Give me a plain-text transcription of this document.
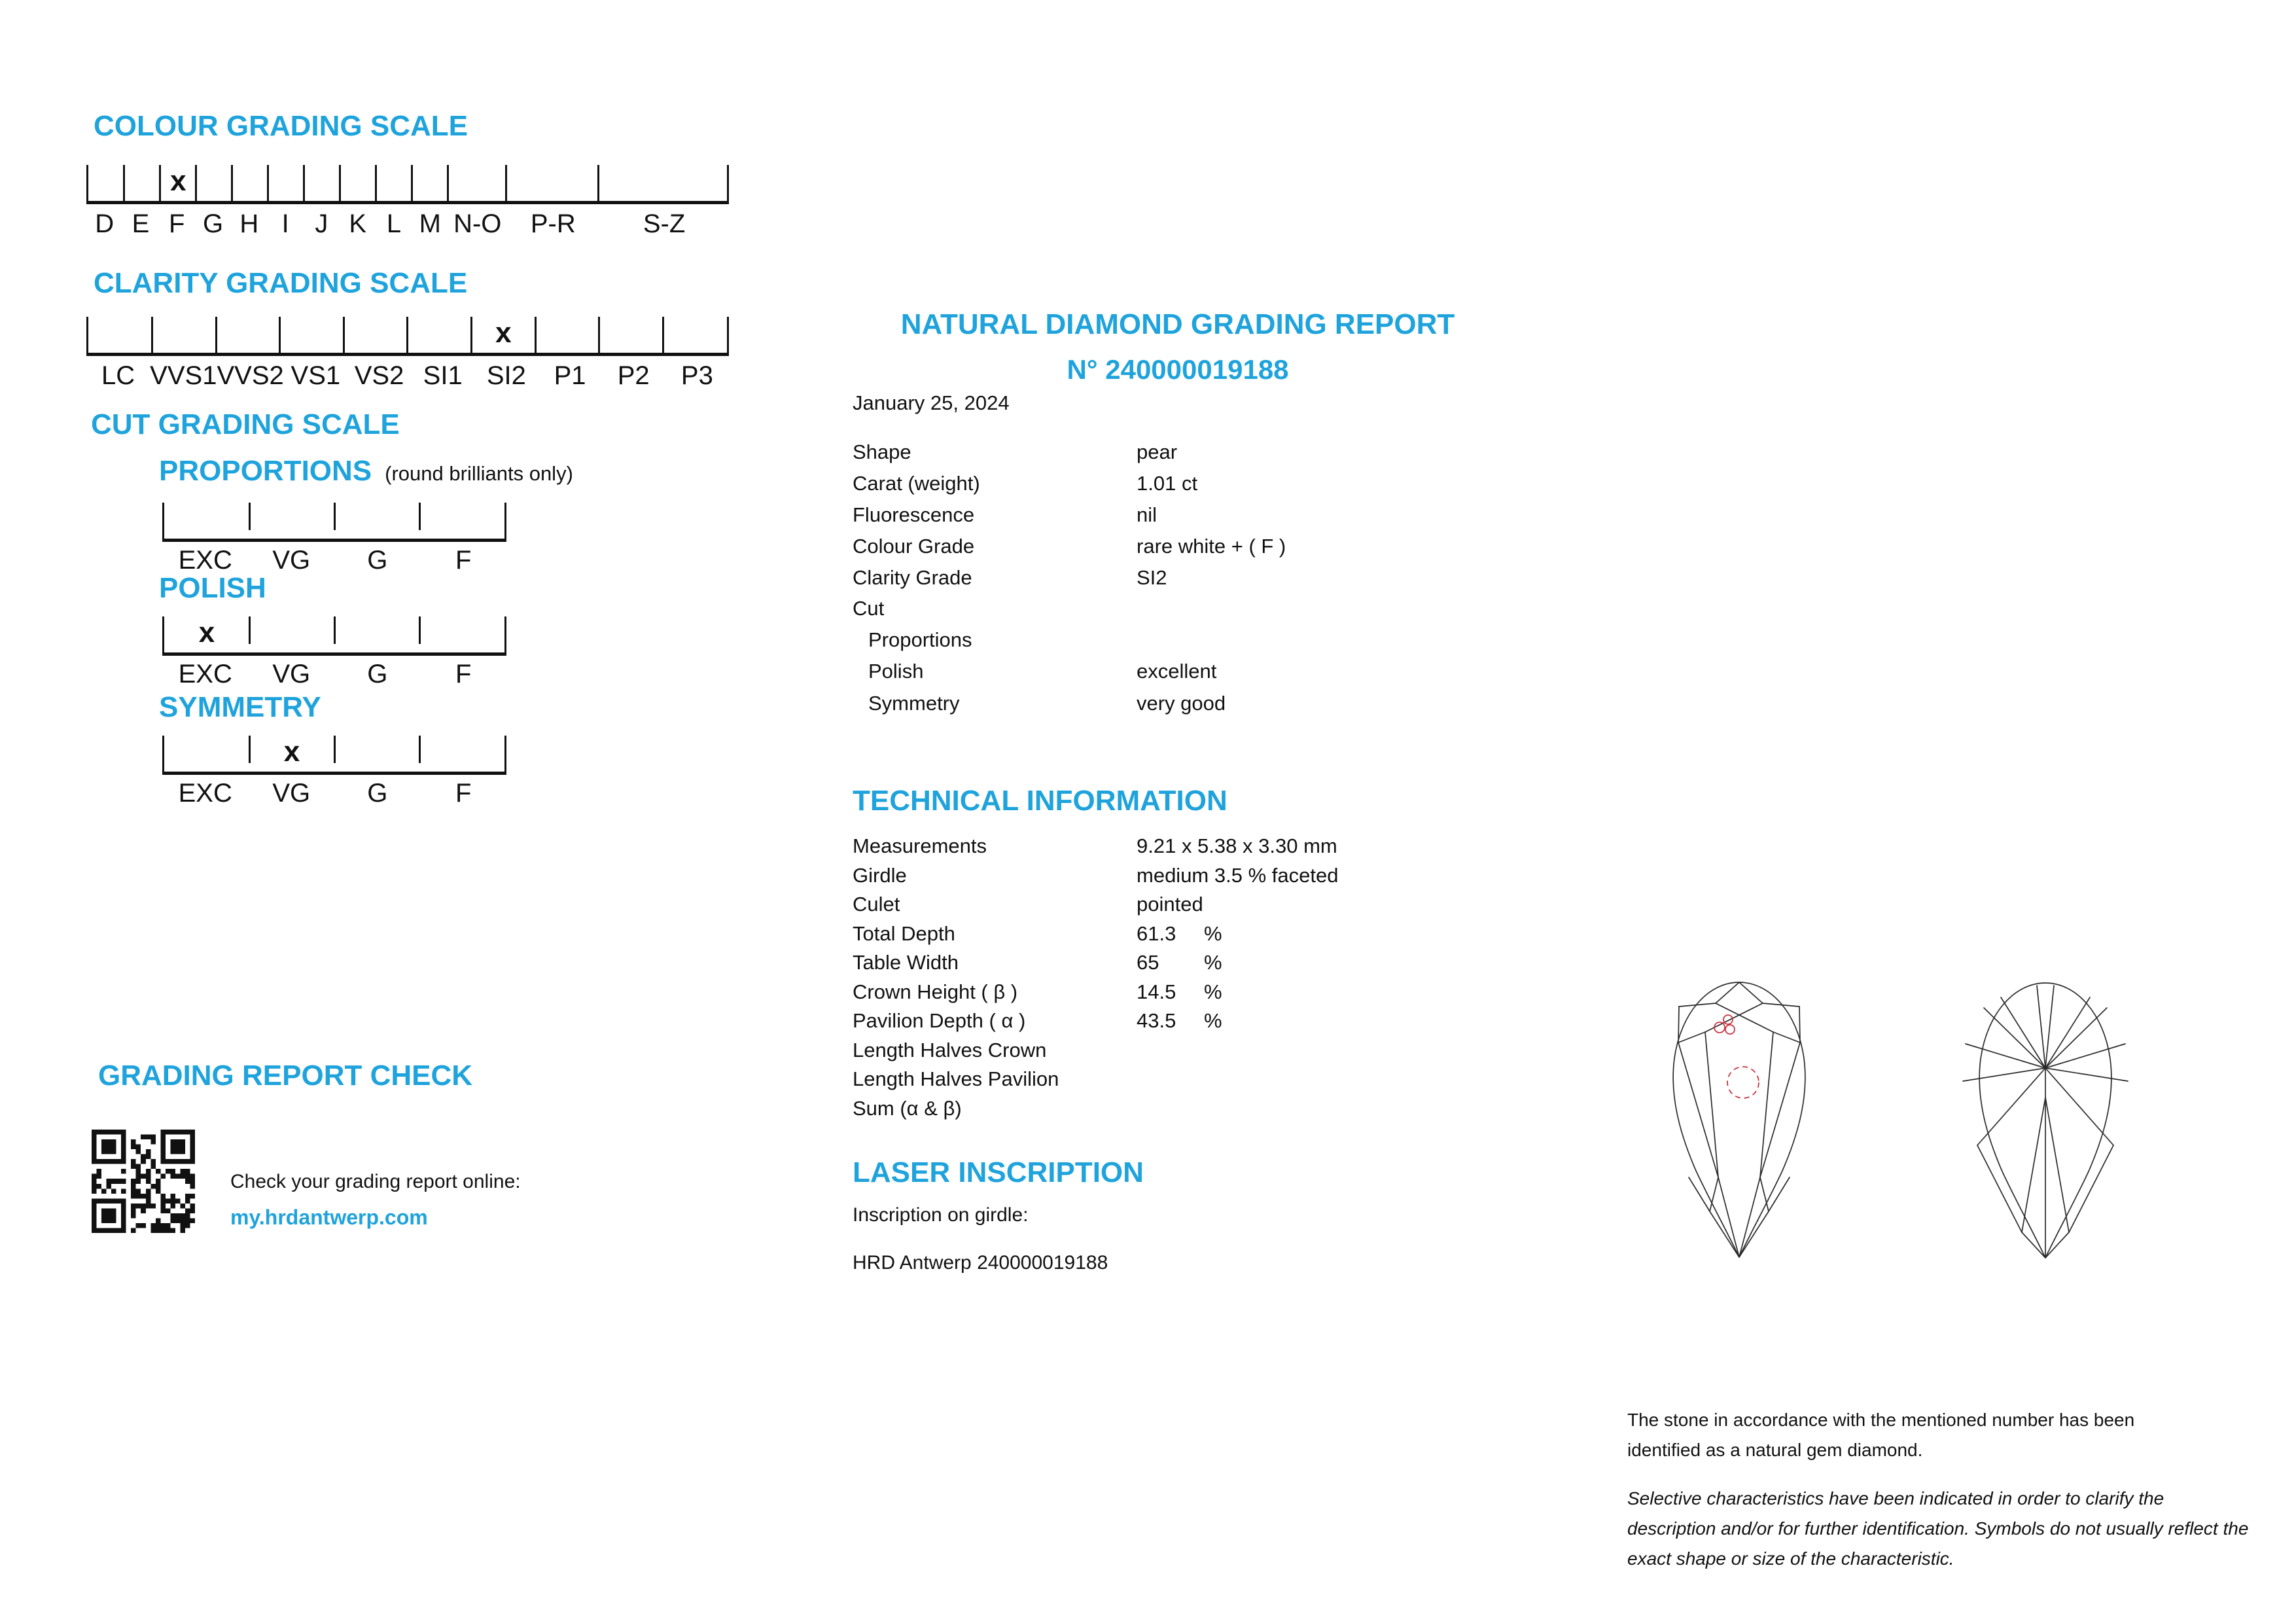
COLOUR GRADING SCALE
x
D E F G H I J K L M N-O	P-R	S-Z
CLARITY GRADING SCALE
x
LC VVS1 VVS2 VS1 VS2 SI1 SI2	P1	P2	P3
CUT GRADING SCALE
PROPORTIONS (round brilliants only)
EXC	VG	G	F
POLISH
x
EXC	VG	G	F
SYMMETRY
x
EXC	VG	G	F
GRADING REPORT CHECK
Check your grading report online:
my.hrdantwerp.com
NATURAL DIAMOND GRADING REPORT
N° 240000019188
January 25, 2024
Shape	pear
Carat (weight)	1.01 ct
Fluorescence	nil
Colour Grade	rare white + ( F )
Clarity Grade	SI2
Cut
Proportions
Polish	excellent
Symmetry	very good
TECHNICAL INFORMATION
Measurements	9.21 x 5.38 x 3.30 mm
Girdle	medium 3.5 % faceted
Culet	pointed
Total Depth	61.3 %
Table Width	65 %
Crown Height ( β )	14.5 %
Pavilion Depth ( α )	43.5 %
Length Halves Crown
Length Halves Pavilion
Sum (α & β)
LASER INSCRIPTION
Inscription on girdle:
HRD Antwerp 240000019188
The stone in accordance with the mentioned number has been identified as a natural gem diamond.
Selective characteristics have been indicated in order to clarify the description and/or for further identification. Symbols do not usually reflect the exact shape or size of the characteristic.
